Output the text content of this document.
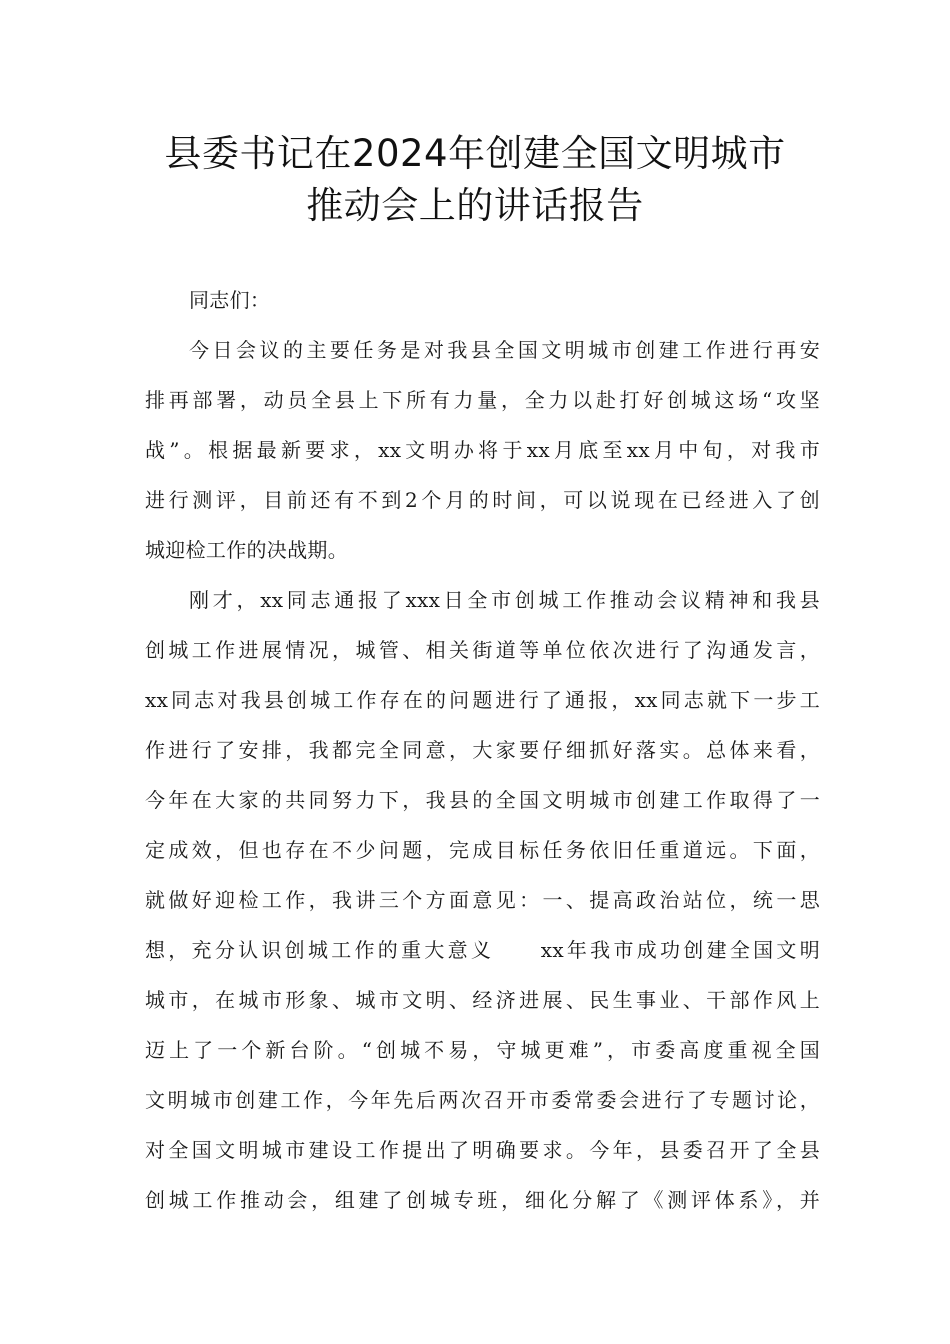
县委书记在2024年创建全国文明城市
推动会上的讲话报告
同志们：
今日会议的主要任务是对我县全国文明城市创建工作进行再安
排再部署，动员全县上下所有力量，全力以赴打好创城这场“攻坚
战”。根据最新要求，xx文明办将于xx月底至xx月中旬，对我市
进行测评，目前还有不到2个月的时间，可以说现在已经进入了创
城迎检工作的决战期。
刚才，xx同志通报了xxx日全市创城工作推动会议精神和我县
创城工作进展情况，城管、相关街道等单位依次进行了沟通发言，
xx同志对我县创城工作存在的问题进行了通报，xx同志就下一步工
作进行了安排，我都完全同意，大家要仔细抓好落实。总体来看，
今年在大家的共同努力下，我县的全国文明城市创建工作取得了一
定成效，但也存在不少问题，完成目标任务依旧任重道远。下面，
就做好迎检工作，我讲三个方面意见：一、提高政治站位，统一思
想，充分认识创城工作的重大意义　　xx年我市成功创建全国文明
城市，在城市形象、城市文明、经济进展、民生事业、干部作风上
迈上了一个新台阶。“创城不易，守城更难”，市委高度重视全国
文明城市创建工作，今年先后两次召开市委常委会进行了专题讨论，
对全国文明城市建设工作提出了明确要求。今年，县委召开了全县
创城工作推动会，组建了创城专班，细化分解了《测评体系》，并
